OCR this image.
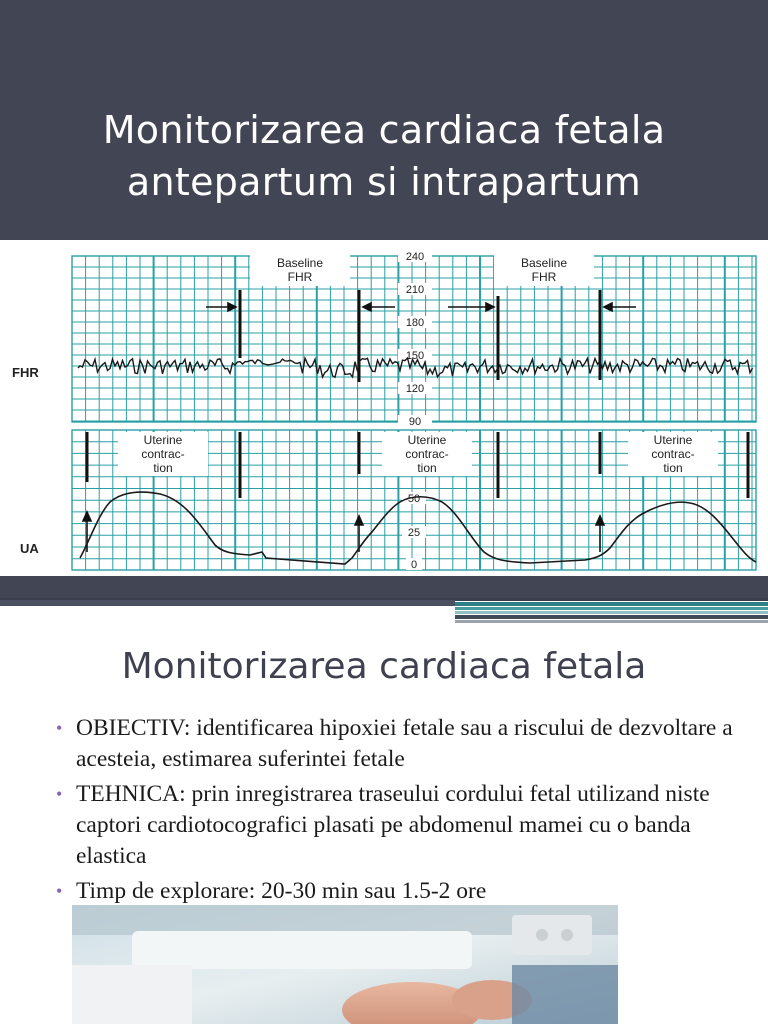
Monitorizarea cardiaca fetala
antepartum si intrapartum
FHR
UA
240
210
180
150
120
90
50
25
0
Baseline
FHR
Baseline
FHR
Uterine
contrac-
tion
Uterine
contrac-
tion
Uterine
contrac-
tion
Monitorizarea cardiaca fetala
• OBIECTIV: identificarea hipoxiei fetale sau a riscului de dezvoltare a acesteia, estimarea suferintei fetale
• TEHNICA: prin inregistrarea traseului cordului fetal utilizand niste captori cardiotocografici plasati pe abdomenul mamei cu o banda elastica
• Timp de explorare: 20-30 min sau 1.5-2 ore
